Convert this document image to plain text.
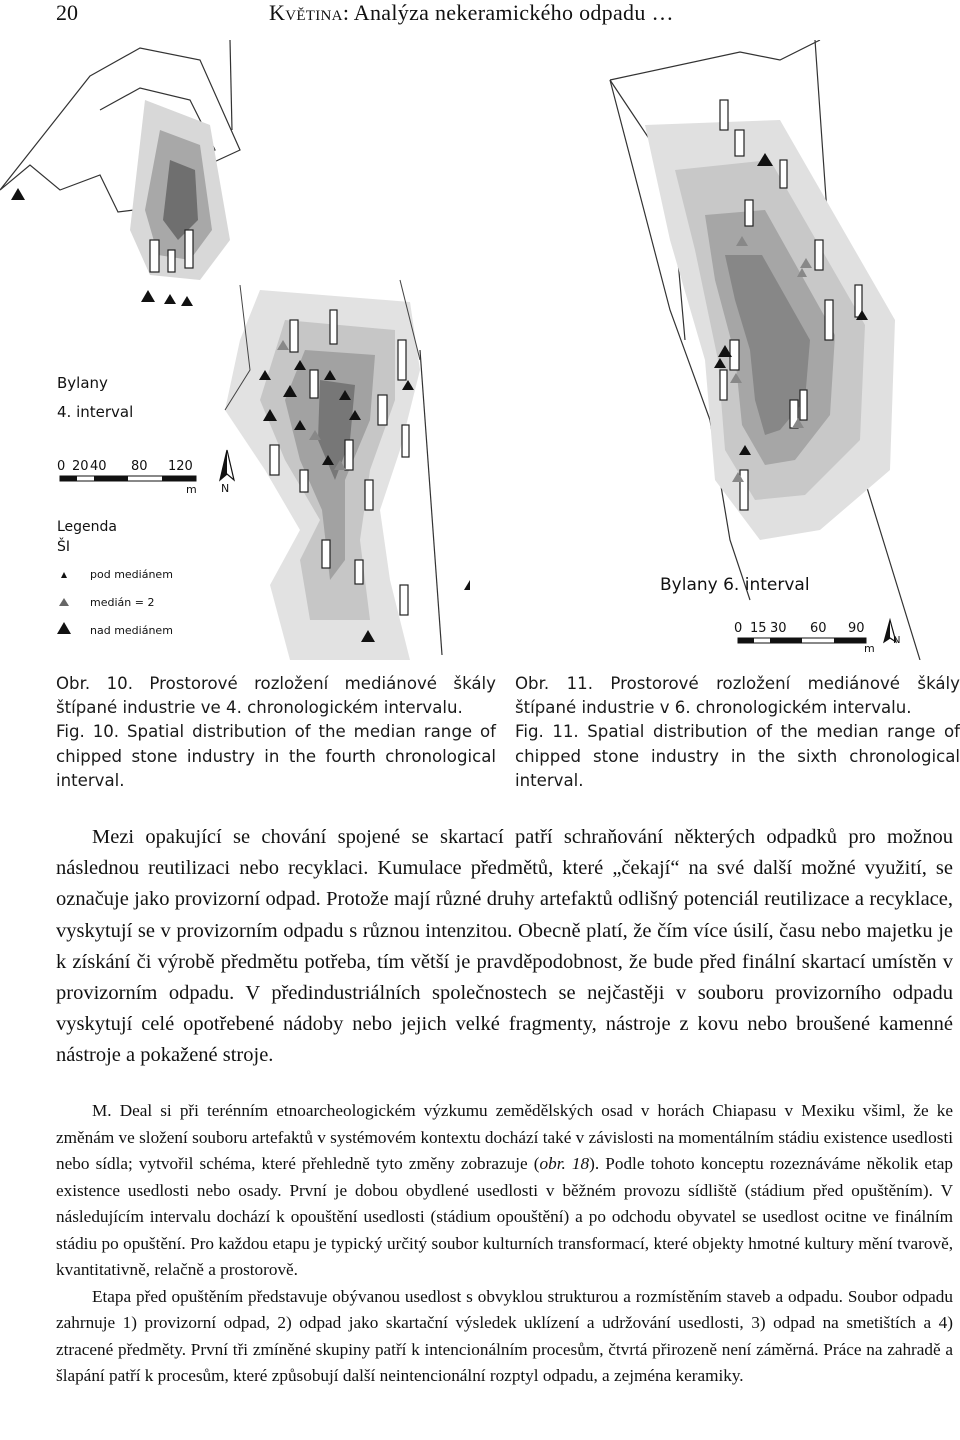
20	Květina: Analýza nekeramického odpadu …
Bylany
4. interval
0 20 40 80 120
m N
Legenda
ŠI
pod mediánem
medián = 2
nad mediánem
Bylany 6. interval
0 15 30 60 90
m
N

Obr. 10. Prostorové rozložení mediánové škály štípané industrie ve 4. chronologickém intervalu.

Fig. 10. Spatial distribution of the median range of chipped stone industry in the fourth chronological interval.

Obr. 11. Prostorové rozložení mediánové škály štípané industrie v 6. chronologickém intervalu.

Fig. 11. Spatial distribution of the median range of chipped stone industry in the sixth chronological interval.

Mezi opakující se chování spojené se skartací patří schraňování některých odpadků pro možnou následnou reutilizaci nebo recyklaci. Kumulace předmětů, které „čekají“ na své další možné využití, se označuje jako provizorní odpad. Protože mají různé druhy artefaktů odlišný potenciál reutilizace a recyklace, vyskytují se v provizorním odpadu s různou intenzitou. Obecně platí, že čím více úsilí, času nebo majetku je k získání či výrobě předmětu potřeba, tím větší je pravděpodobnost, že bude před finální skartací umístěn v provizorním odpadu. V předindustriálních společnostech se nejčastěji v souboru provizorního odpadu vyskytují celé opotřebené nádoby nebo jejich velké fragmenty, nástroje z kovu nebo broušené kamenné nástroje a pokažené stroje.

M. Deal si při terénním etnoarcheologickém výzkumu zemědělských osad v horách Chiapasu v Mexiku všiml, že ke změnám ve složení souboru artefaktů v systémovém kontextu dochází také v závislosti na momentálním stádiu existence usedlosti nebo sídla; vytvořil schéma, které přehledně tyto změny zobrazuje (obr. 18). Podle tohoto konceptu rozeznáváme několik etap existence usedlosti nebo osady. První je dobou obydlené usedlosti v běžném provozu sídliště (stádium před opuštěním). V následujícím intervalu dochází k opouštění usedlosti (stádium opouštění) a po odchodu obyvatel se usedlost ocitne ve finálním stádiu po opuštění. Pro každou etapu je typický určitý soubor kulturních transformací, které objekty hmotné kultury mění tvarově, kvantitativně, relačně a prostorově.

Etapa před opuštěním představuje obývanou usedlost s obvyklou strukturou a rozmístěním staveb a odpadu. Soubor odpadu zahrnuje 1) provizorní odpad, 2) odpad jako skartační výsledek uklízení a udržování usedlosti, 3) odpad na smetištích a 4) ztracené předměty. První tři zmíněné skupiny patří k intencionálním procesům, čtvrtá přirozeně není záměrná. Práce na zahradě a šlapání patří k procesům, které způsobují další neintencionální rozptyl odpadu, a zejména keramiky.
